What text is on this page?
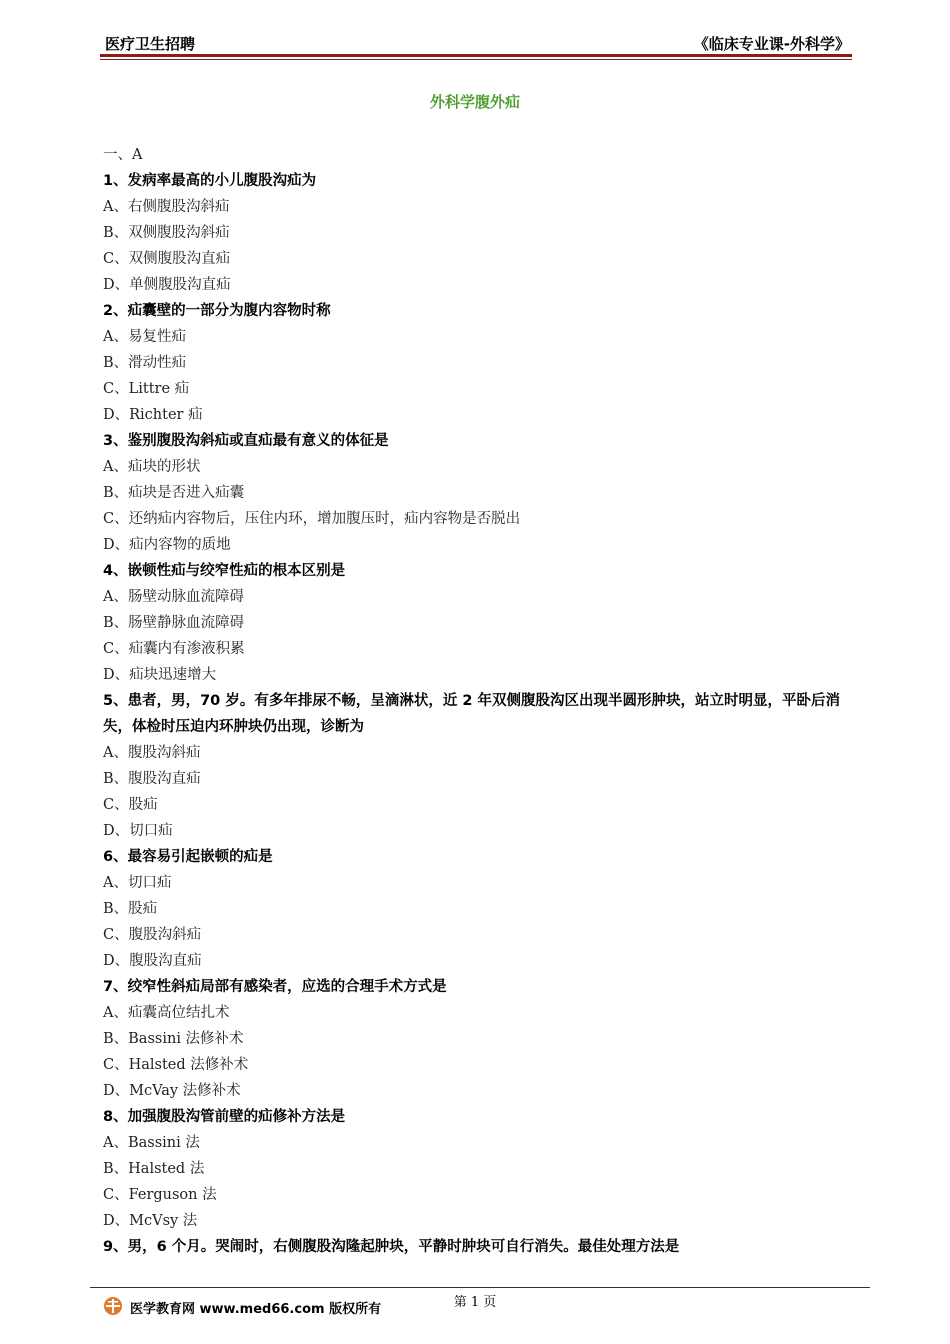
医疗卫生招聘	《临床专业课-外科学》
外科学腹外疝
一、A
1、发病率最高的小儿腹股沟疝为
A、右侧腹股沟斜疝
B、双侧腹股沟斜疝
C、双侧腹股沟直疝
D、单侧腹股沟直疝
2、疝囊壁的一部分为腹内容物时称
A、易复性疝
B、滑动性疝
C、Littre 疝
D、Richter 疝
3、鉴别腹股沟斜疝或直疝最有意义的体征是
A、疝块的形状
B、疝块是否进入疝囊
C、还纳疝内容物后，压住内环，增加腹压时，疝内容物是否脱出
D、疝内容物的质地
4、嵌顿性疝与绞窄性疝的根本区别是
A、肠壁动脉血流障碍
B、肠壁静脉血流障碍
C、疝囊内有渗液积累
D、疝块迅速增大
5、患者，男，70 岁。有多年排尿不畅，呈滴淋状，近 2 年双侧腹股沟区出现半圆形肿块，站立时明显，平卧后消失，体检时压迫内环肿块仍出现，诊断为
A、腹股沟斜疝
B、腹股沟直疝
C、股疝
D、切口疝
6、最容易引起嵌顿的疝是
A、切口疝
B、股疝
C、腹股沟斜疝
D、腹股沟直疝
7、绞窄性斜疝局部有感染者，应选的合理手术方式是
A、疝囊高位结扎术
B、Bassini 法修补术
C、Halsted 法修补术
D、McVay 法修补术
8、加强腹股沟管前壁的疝修补方法是
A、Bassini 法
B、Halsted 法
C、Ferguson 法
D、McVsy 法
9、男，6 个月。哭闹时，右侧腹股沟隆起肿块，平静时肿块可自行消失。最佳处理方法是
第 1 页
医学教育网 www.med66.com 版权所有
